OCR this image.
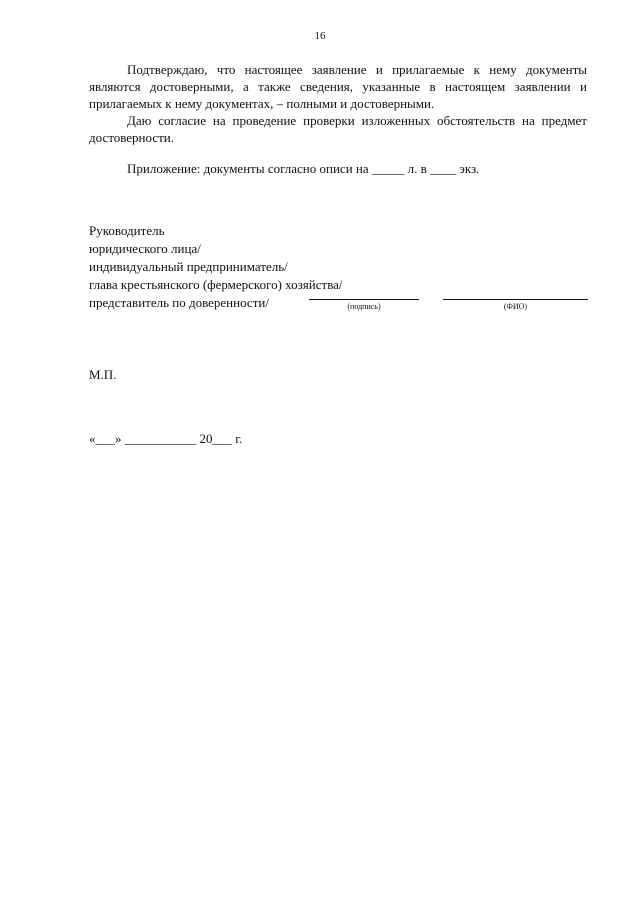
16

Подтверждаю, что настоящее заявление и прилагаемые к нему документы являются достоверными, а также сведения, указанные в настоящем заявлении и прилагаемых к нему документах, – полными и достоверными.

Даю согласие на проведение проверки изложенных обстоятельств на предмет достоверности.

Приложение: документы согласно описи на _____ л. в ____ экз.

Руководитель
юридического лица/
индивидуальный предприниматель/
глава крестьянского (фермерского) хозяйства/
представитель по доверенности/	(подпись)	(ФИО)
М.П.
«___» ___________ 20___ г.
